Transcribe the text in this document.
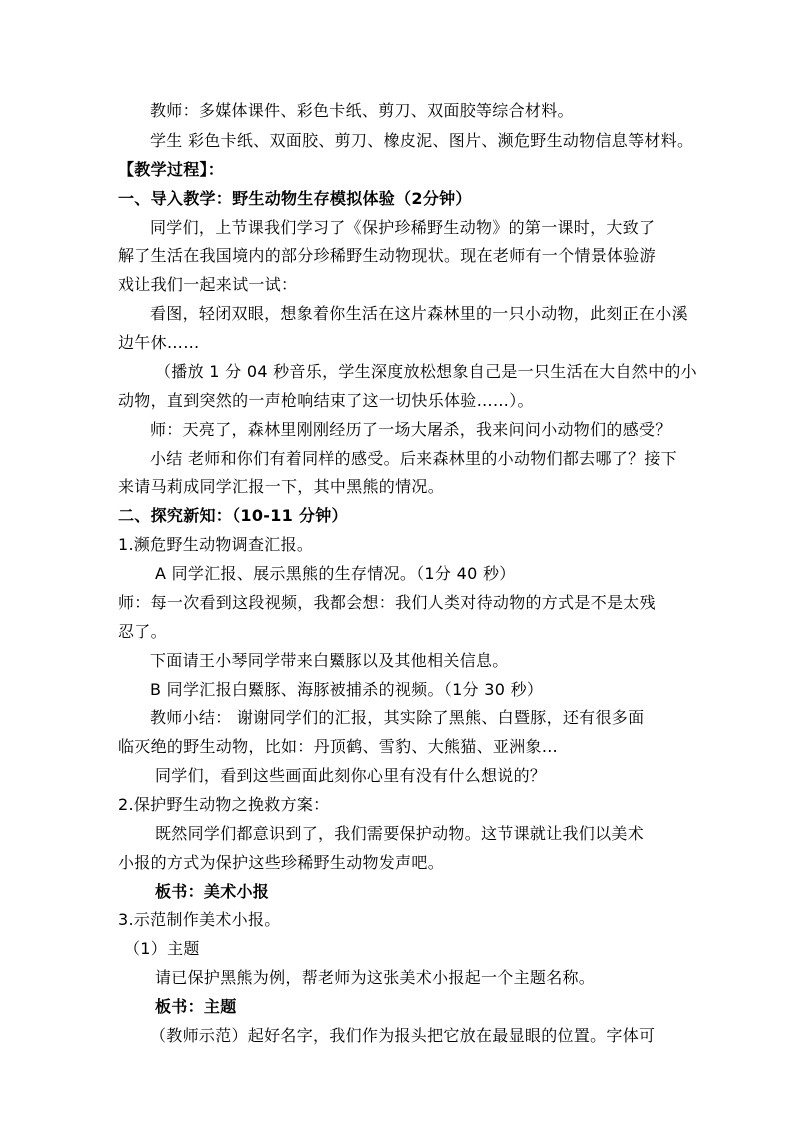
教师：多媒体课件、彩色卡纸、剪刀、双面胶等综合材料。
学生 彩色卡纸、双面胶、剪刀、橡皮泥、图片、濒危野生动物信息等材料。
【教学过程】：
一、导入教学：野生动物生存模拟体验（2分钟）
同学们，上节课我们学习了《保护珍稀野生动物》的第一课时，大致了
解了生活在我国境内的部分珍稀野生动物现状。现在老师有一个情景体验游
戏让我们一起来试一试：
看图，轻闭双眼，想象着你生活在这片森林里的一只小动物，此刻正在小溪
边午休……
（播放 1 分 04 秒音乐，学生深度放松想象自己是一只生活在大自然中的小
动物，直到突然的一声枪响结束了这一切快乐体验……）。
师：天亮了，森林里刚刚经历了一场大屠杀，我来问问小动物们的感受？
小结 老师和你们有着同样的感受。后来森林里的小动物们都去哪了？接下
来请马莉成同学汇报一下，其中黑熊的情况。
二、探究新知：（10-11 分钟）
1.濒危野生动物调查汇报。
A 同学汇报、展示黑熊的生存情况。（1分 40 秒）
师：每一次看到这段视频，我都会想：我们人类对待动物的方式是不是太残
忍了。
下面请王小琴同学带来白鱀豚以及其他相关信息。
B 同学汇报白鱀豚、海豚被捕杀的视频。（1分 30 秒）
教师小结： 谢谢同学们的汇报，其实除了黑熊、白暨豚，还有很多面
临灭绝的野生动物，比如：丹顶鹤、雪豹、大熊猫、亚洲象…
同学们，看到这些画面此刻你心里有没有什么想说的？
2.保护野生动物之挽救方案：
既然同学们都意识到了，我们需要保护动物。这节课就让我们以美术
小报的方式为保护这些珍稀野生动物发声吧。
板书：美术小报
3.示范制作美术小报。
（1）主题
请已保护黑熊为例，帮老师为这张美术小报起一个主题名称。
板书：主题
（教师示范）起好名字，我们作为报头把它放在最显眼的位置。字体可
